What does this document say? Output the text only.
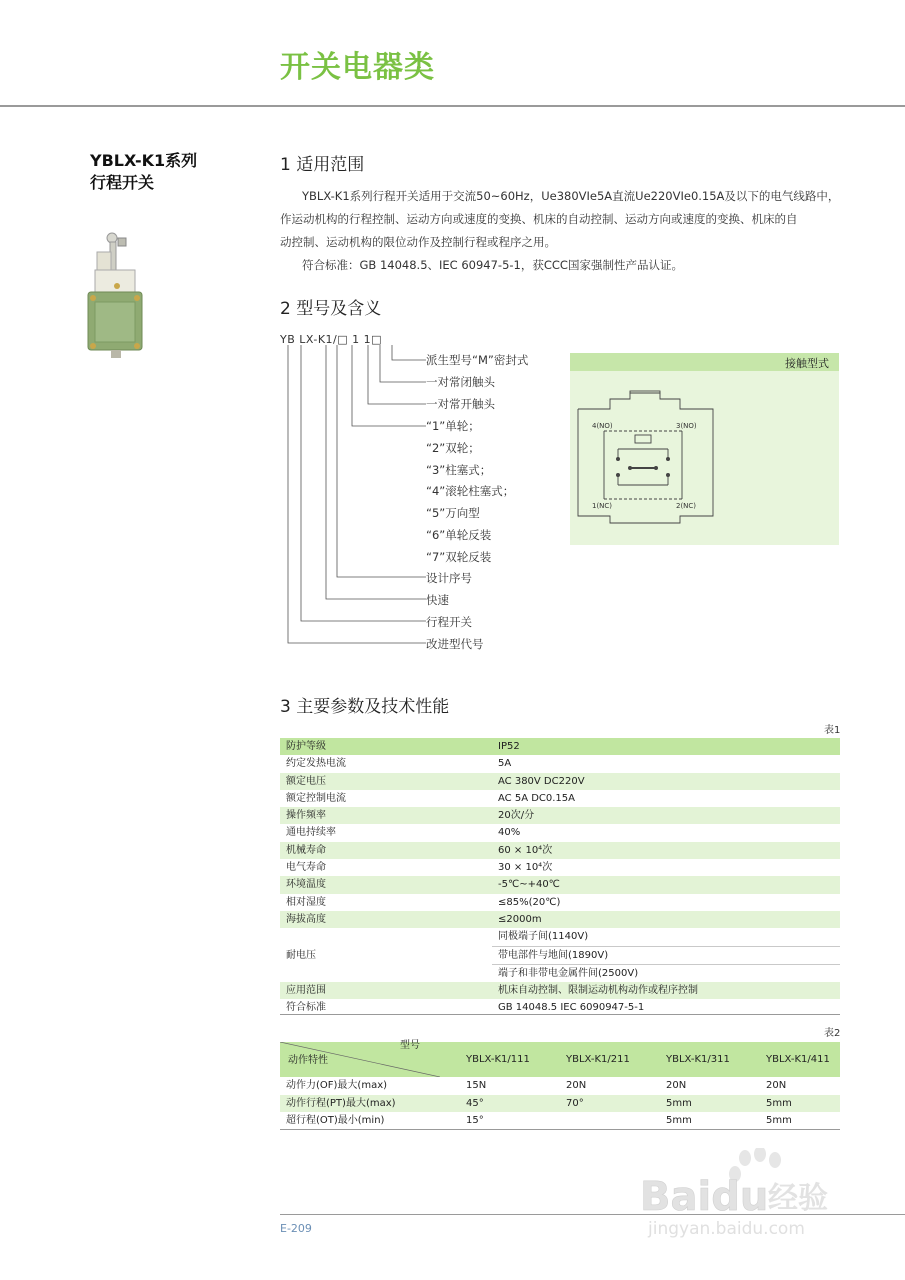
开关电器类
YBLX-K1系列
行程开关
1 适用范围

YBLX-K1系列行程开关适用于交流50~60Hz，Ue380VIe5A直流Ue220VIe0.15A及以下的电气线路中，

作运动机构的行程控制、运动方向或速度的变换、机床的自动控制、运动方向或速度的变换、机床的自
动控制、运动机构的限位动作及控制行程或程序之用。

符合标准：GB 14048.5、IEC 60947-5-1，获CCC国家强制性产品认证。

2 型号及含义
YB LX-K1/□ 1 1□
派生型号“M”密封式
一对常闭触头
一对常开触头
“1”单轮；
“2”双轮；
“3”柱塞式；
“4”滚轮柱塞式；
“5”万向型
“6”单轮反装
“7”双轮反装
设计序号
快速
行程开关
改进型代号
接触型式
4(NO)	3(NO)
1(NC)	2(NC)
3 主要参数及技术性能
表1
防护等级	IP52
约定发热电流	5A
额定电压	AC 380V DC220V
额定控制电流	AC 5A DC0.15A
操作频率	20次/分
通电持续率	40%
机械寿命	60 × 10⁴次
电气寿命	30 × 10⁴次
环境温度	-5℃~+40℃
相对湿度	≤85%(20℃)
海拔高度	≤2000m
耐电压	同极端子间(1140V)
	带电部件与地间(1890V)
	端子和非带电金属件间(2500V)
应用范围	机床自动控制、限制运动机构动作或程序控制
符合标准	GB 14048.5 IEC 6090947-5-1
表2
型号
动作特性	YBLX-K1/111	YBLX-K1/211	YBLX-K1/311	YBLX-K1/411
动作力(OF)最大(max)	15N	20N	20N	20N
动作行程(PT)最大(max)	45°	70°	5mm	5mm
超行程(OT)最小(min)	15°		5mm	5mm
E-209
Baidu 经验
jingyan.baidu.com
